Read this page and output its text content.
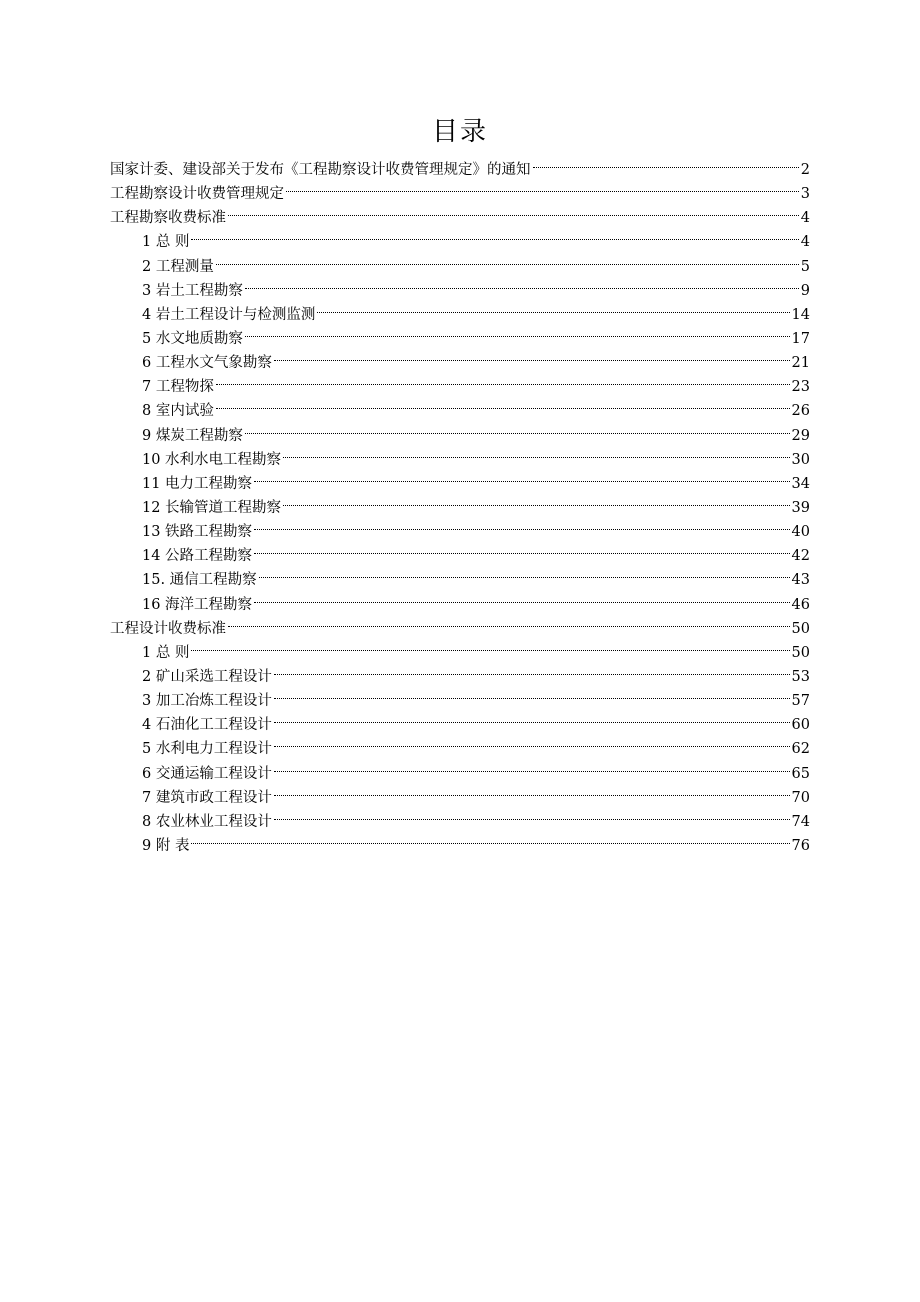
目录
国家计委、建设部关于发布《工程勘察设计收费管理规定》的通知	2
工程勘察设计收费管理规定	3
工程勘察收费标准	4
1 总 则	4
2 工程测量	5
3 岩土工程勘察	9
4 岩土工程设计与检测监测	14
5 水文地质勘察	17
6 工程水文气象勘察	21
7 工程物探	23
8 室内试验	26
9 煤炭工程勘察	29
10 水利水电工程勘察	30
11 电力工程勘察	34
12 长输管道工程勘察	39
13 铁路工程勘察	40
14 公路工程勘察	42
15. 通信工程勘察	43
16 海洋工程勘察	46
工程设计收费标准	50
1 总 则	50
2 矿山采选工程设计	53
3 加工冶炼工程设计	57
4 石油化工工程设计	60
5 水利电力工程设计	62
6 交通运输工程设计	65
7 建筑市政工程设计	70
8 农业林业工程设计	74
9 附 表	76
